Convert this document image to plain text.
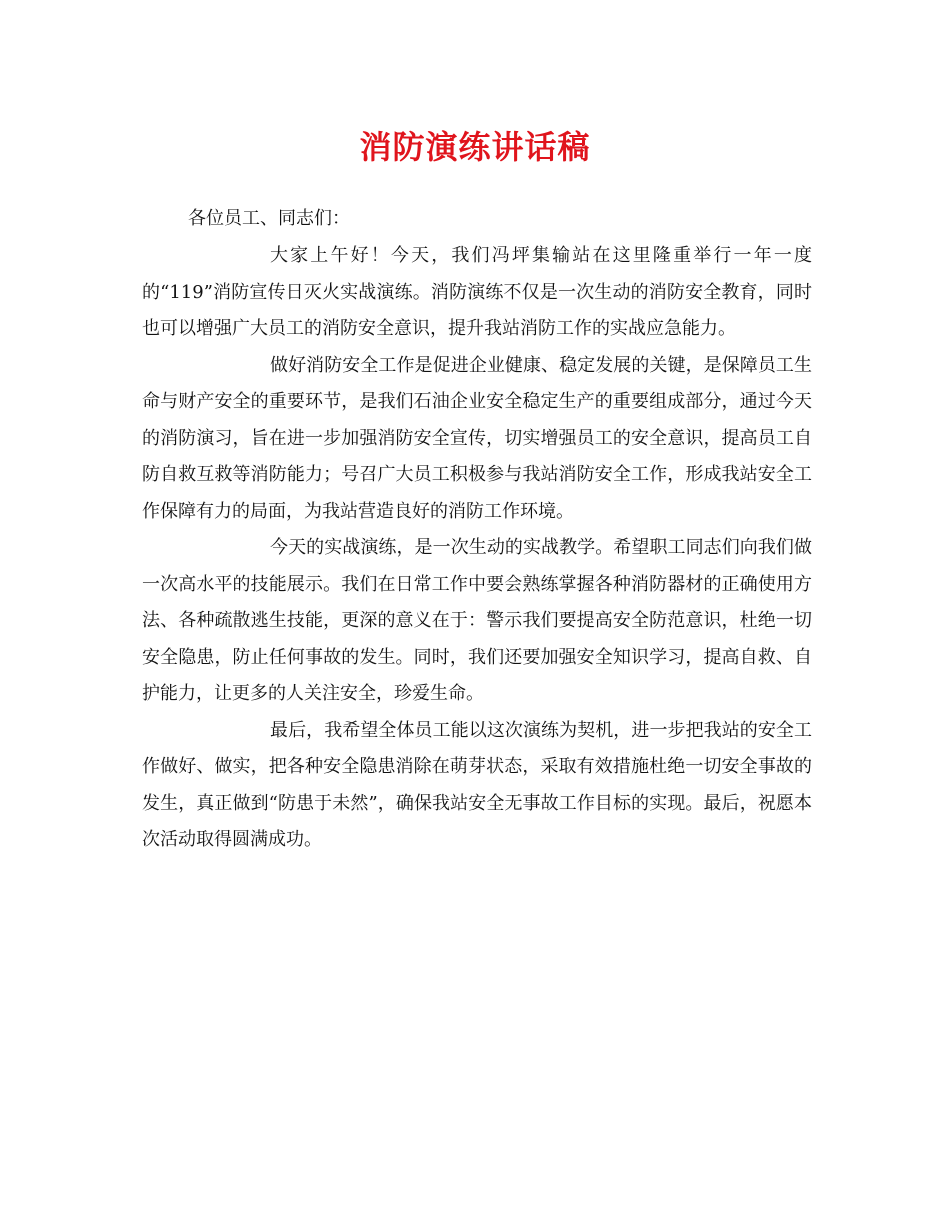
消防演练讲话稿

各位员工、同志们：

大家上午好！今天，我们冯坪集输站在这里隆重举行一年一度的“119”消防宣传日灭火实战演练。消防演练不仅是一次生动的消防安全教育，同时也可以增强广大员工的消防安全意识，提升我站消防工作的实战应急能力。

做好消防安全工作是促进企业健康、稳定发展的关键，是保障员工生命与财产安全的重要环节，是我们石油企业安全稳定生产的重要组成部分，通过今天的消防演习，旨在进一步加强消防安全宣传，切实增强员工的安全意识，提高员工自防自救互救等消防能力；号召广大员工积极参与我站消防安全工作，形成我站安全工作保障有力的局面，为我站营造良好的消防工作环境。

今天的实战演练，是一次生动的实战教学。希望职工同志们向我们做一次高水平的技能展示。我们在日常工作中要会熟练掌握各种消防器材的正确使用方法、各种疏散逃生技能，更深的意义在于：警示我们要提高安全防范意识，杜绝一切安全隐患，防止任何事故的发生。同时，我们还要加强安全知识学习，提高自救、自护能力，让更多的人关注安全，珍爱生命。

最后，我希望全体员工能以这次演练为契机，进一步把我站的安全工作做好、做实，把各种安全隐患消除在萌芽状态，采取有效措施杜绝一切安全事故的发生，真正做到“防患于未然”，确保我站安全无事故工作目标的实现。最后，祝愿本次活动取得圆满成功。
